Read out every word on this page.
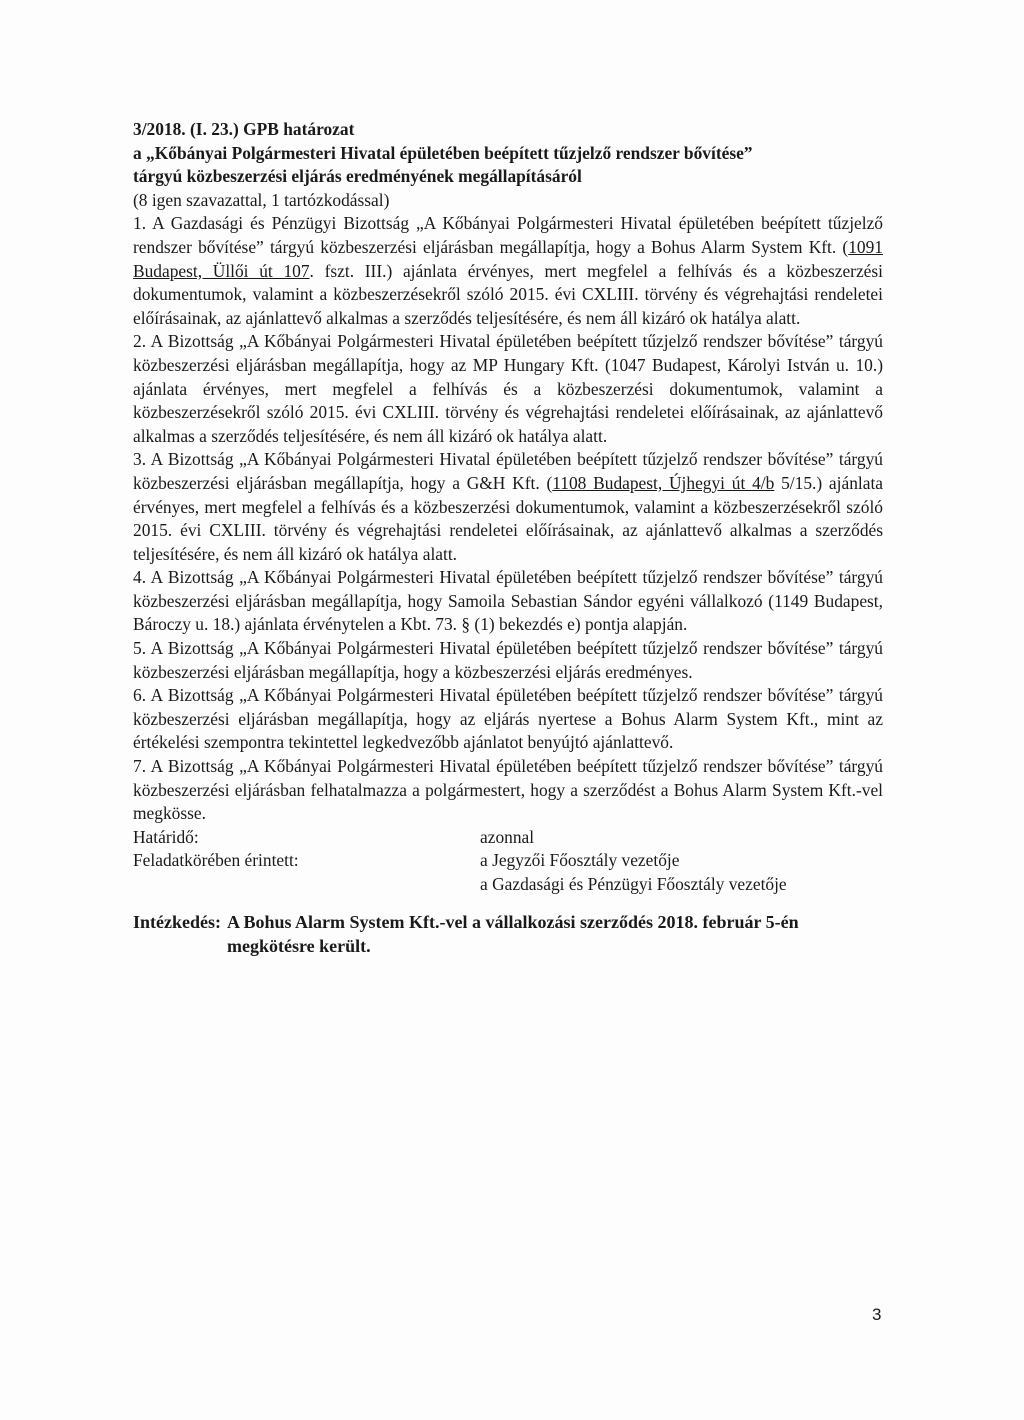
3/2018. (I. 23.) GPB határozat

a „Kőbányai Polgármesteri Hivatal épületében beépített tűzjelző rendszer bővítése”

tárgyú közbeszerzési eljárás eredményének megállapításáról

(8 igen szavazattal, 1 tartózkodással)

1. A Gazdasági és Pénzügyi Bizottság „A Kőbányai Polgármesteri Hivatal épületében beépített tűzjelző rendszer bővítése” tárgyú közbeszerzési eljárásban megállapítja, hogy a Bohus Alarm System Kft. (1091 Budapest, Üllői út 107. fszt. III.) ajánlata érvényes, mert megfelel a felhívás és a közbeszerzési dokumentumok, valamint a közbeszerzésekről szóló 2015. évi CXLIII. törvény és végrehajtási rendeletei előírásainak, az ajánlattevő alkalmas a szerződés teljesítésére, és nem áll kizáró ok hatálya alatt.

2. A Bizottság „A Kőbányai Polgármesteri Hivatal épületében beépített tűzjelző rendszer bővítése” tárgyú közbeszerzési eljárásban megállapítja, hogy az MP Hungary Kft. (1047 Budapest, Károlyi István u. 10.) ajánlata érvényes, mert megfelel a felhívás és a közbeszerzési dokumentumok, valamint a közbeszerzésekről szóló 2015. évi CXLIII. törvény és végrehajtási rendeletei előírásainak, az ajánlattevő alkalmas a szerződés teljesítésére, és nem áll kizáró ok hatálya alatt.

3. A Bizottság „A Kőbányai Polgármesteri Hivatal épületében beépített tűzjelző rendszer bővítése” tárgyú közbeszerzési eljárásban megállapítja, hogy a G&H Kft. (1108 Budapest, Újhegyi út 4/b 5/15.) ajánlata érvényes, mert megfelel a felhívás és a közbeszerzési dokumentumok, valamint a közbeszerzésekről szóló 2015. évi CXLIII. törvény és végrehajtási rendeletei előírásainak, az ajánlattevő alkalmas a szerződés teljesítésére, és nem áll kizáró ok hatálya alatt.

4. A Bizottság „A Kőbányai Polgármesteri Hivatal épületében beépített tűzjelző rendszer bővítése” tárgyú közbeszerzési eljárásban megállapítja, hogy Samoila Sebastian Sándor egyéni vállalkozó (1149 Budapest, Bároczy u. 18.) ajánlata érvénytelen a Kbt. 73. § (1) bekezdés e) pontja alapján.

5. A Bizottság „A Kőbányai Polgármesteri Hivatal épületében beépített tűzjelző rendszer bővítése” tárgyú közbeszerzési eljárásban megállapítja, hogy a közbeszerzési eljárás eredményes.

6. A Bizottság „A Kőbányai Polgármesteri Hivatal épületében beépített tűzjelző rendszer bővítése” tárgyú közbeszerzési eljárásban megállapítja, hogy az eljárás nyertese a Bohus Alarm System Kft., mint az értékelési szempontra tekintettel legkedvezőbb ajánlatot benyújtó ajánlattevő.

7. A Bizottság „A Kőbányai Polgármesteri Hivatal épületében beépített tűzjelző rendszer bővítése” tárgyú közbeszerzési eljárásban felhatalmazza a polgármestert, hogy a szerződést a Bohus Alarm System Kft.-vel megkösse.

Határidő:	azonnal
Feladatkörében érintett:	a Jegyzői Főosztály vezetője
a Gazdasági és Pénzügyi Főosztály vezetője
Intézkedés: A Bohus Alarm System Kft.-vel a vállalkozási szerződés 2018. február 5-én megkötésre került.
3
